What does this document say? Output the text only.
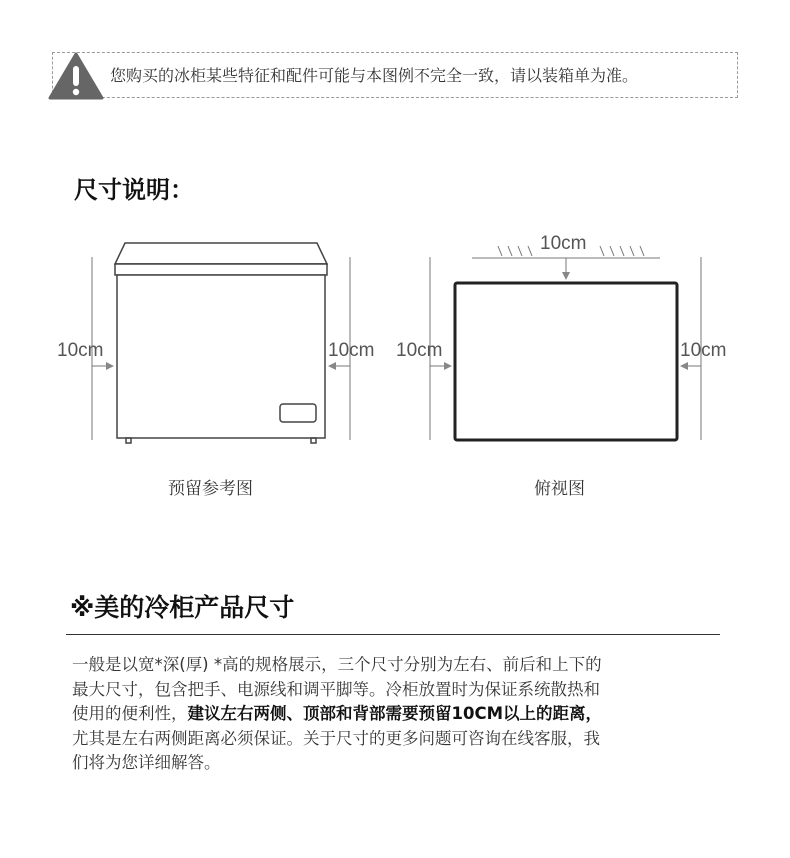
您购买的冰柜某些特征和配件可能与本图例不完全一致，请以装箱单为准。
尺寸说明：
10cm	10cm
10cm
10cm	10cm
预留参考图	俯视图
※美的冷柜产品尺寸
一般是以宽*深(厚) *高的规格展示，三个尺寸分别为左右、前后和上下的
最大尺寸，包含把手、电源线和调平脚等。冷柜放置时为保证系统散热和
使用的便利性，建议左右两侧、顶部和背部需要预留10CM以上的距离，
尤其是左右两侧距离必须保证。关于尺寸的更多问题可咨询在线客服，我
们将为您详细解答。
